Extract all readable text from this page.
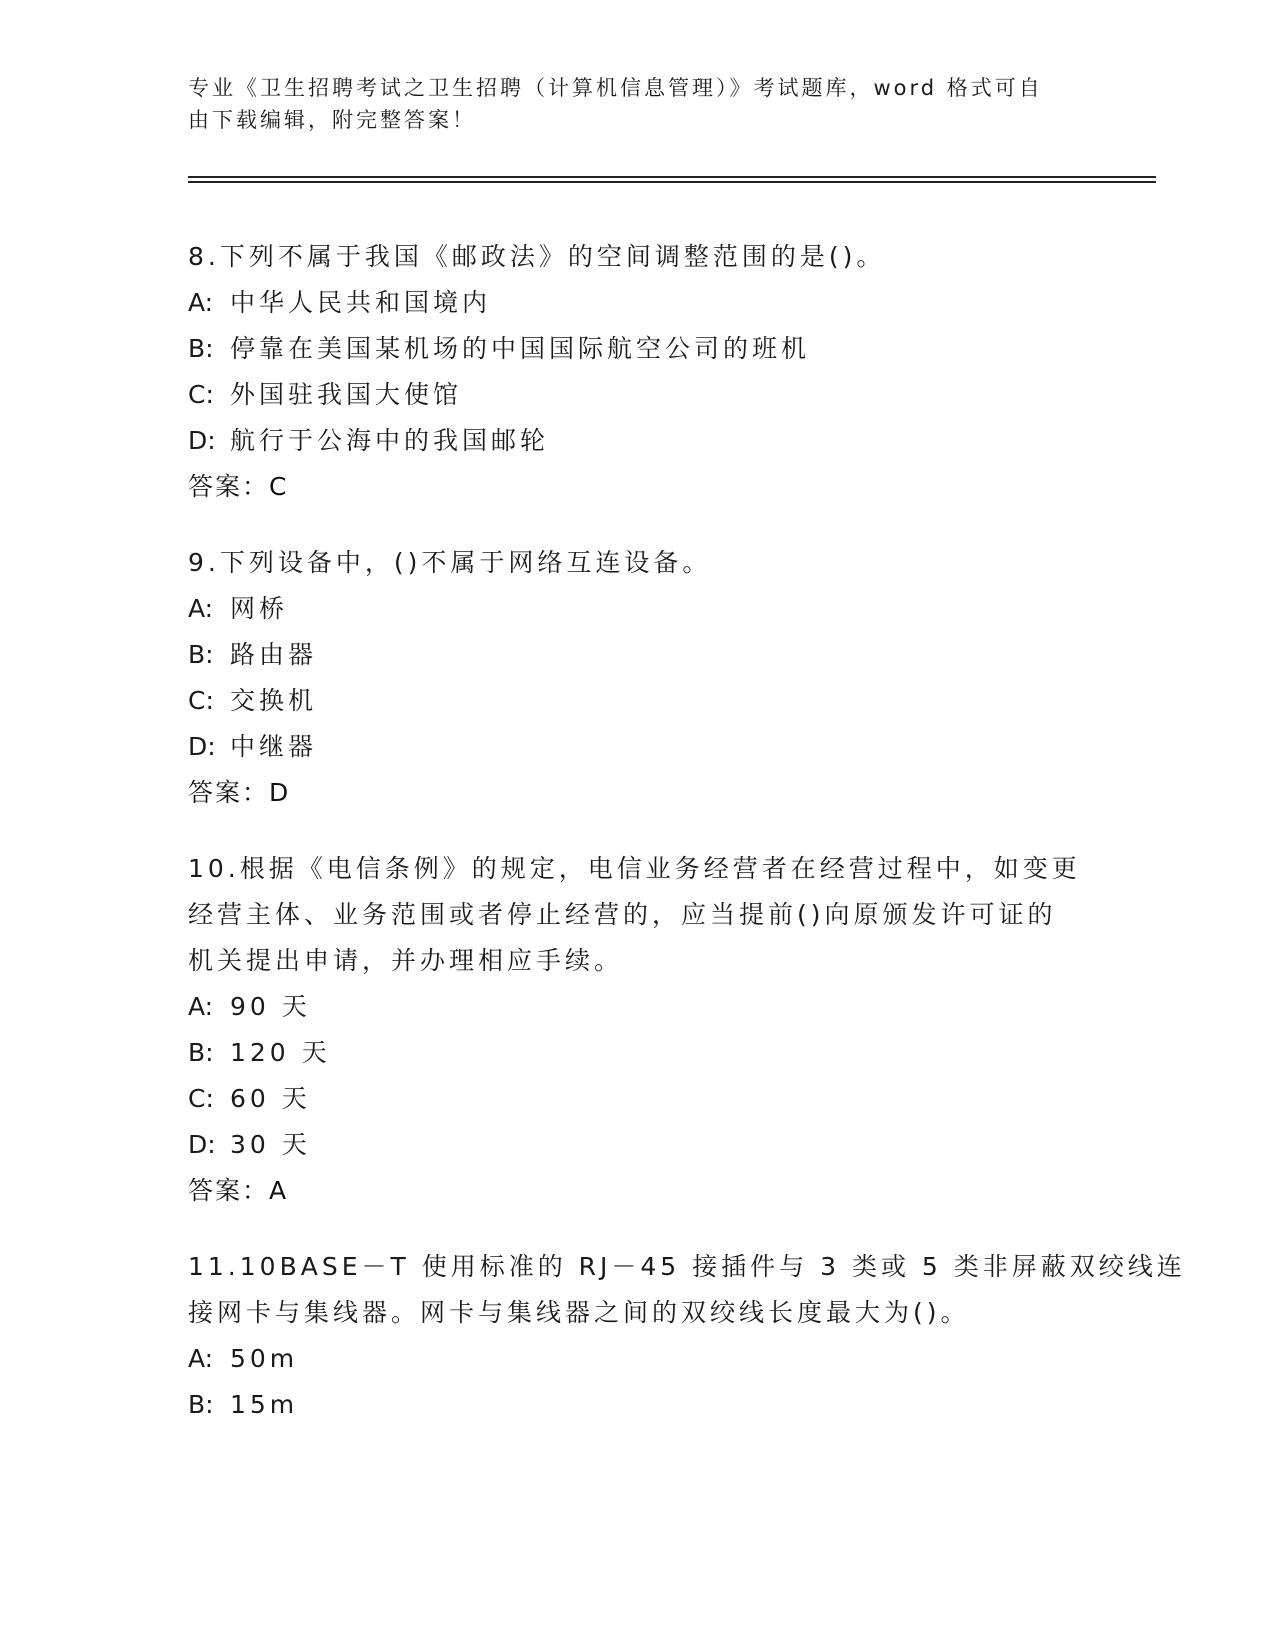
专业《卫生招聘考试之卫生招聘（计算机信息管理）》考试题库，word 格式可自
由下载编辑，附完整答案！
8.下列不属于我国《邮政法》的空间调整范围的是()。
A: 中华人民共和国境内
B: 停靠在美国某机场的中国国际航空公司的班机
C: 外国驻我国大使馆
D: 航行于公海中的我国邮轮
答案：C
9.下列设备中，()不属于网络互连设备。
A: 网桥
B: 路由器
C: 交换机
D: 中继器
答案：D
10.根据《电信条例》的规定，电信业务经营者在经营过程中，如变更
经营主体、业务范围或者停止经营的，应当提前()向原颁发许可证的
机关提出申请，并办理相应手续。
A: 90 天
B: 120 天
C: 60 天
D: 30 天
答案：A
11.10BASE－T 使用标准的 RJ－45 接插件与 3 类或 5 类非屏蔽双绞线连
接网卡与集线器。网卡与集线器之间的双绞线长度最大为()。
A: 50m
B: 15m
